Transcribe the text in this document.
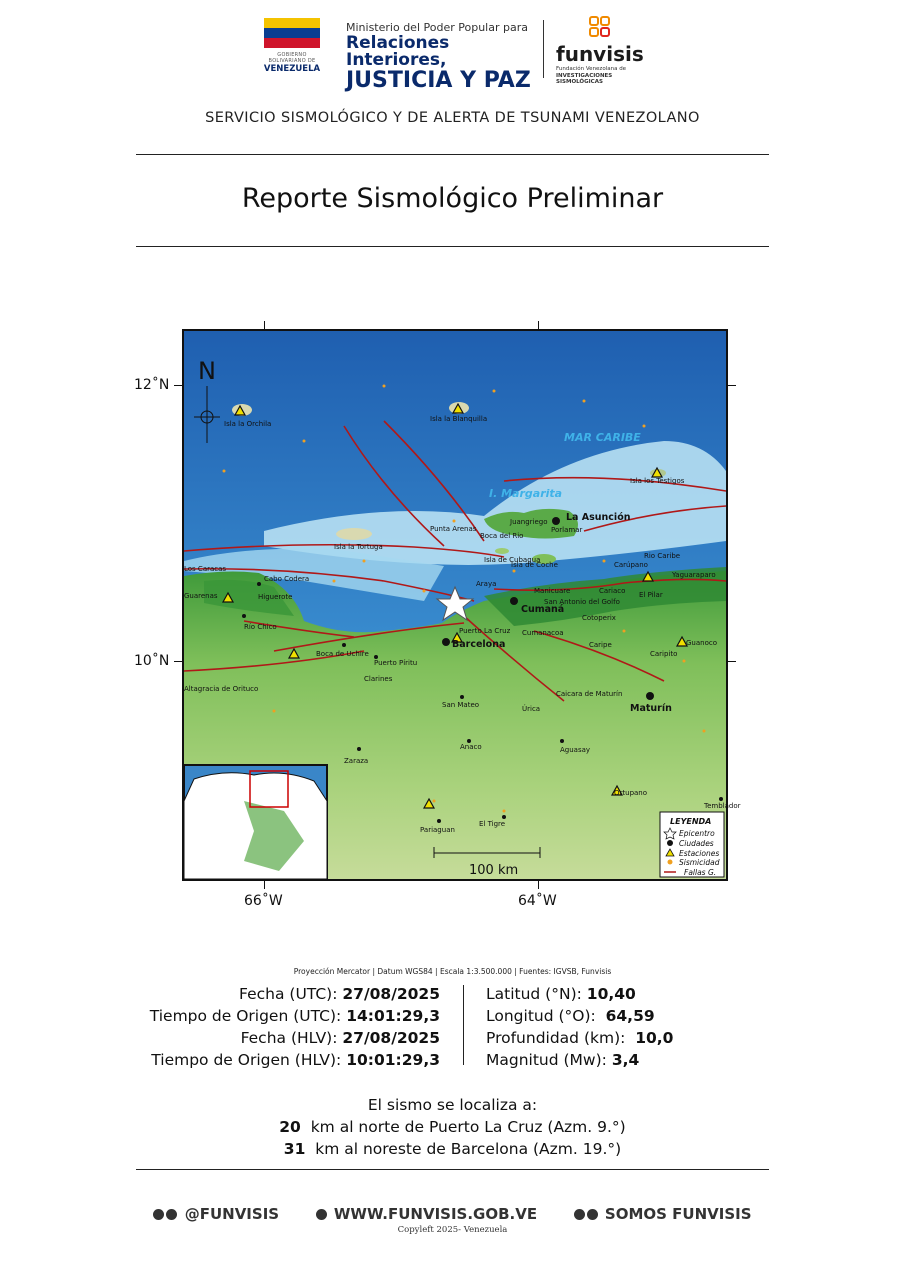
GOBIERNO BOLIVARIANO DE
VENEZUELA
Ministerio del Poder Popular para
Relaciones Interiores,
JUSTICIA Y PAZ
funvisis
Fundación Venezolana de
INVESTIGACIONES SISMOLÓGICAS
SERVICIO SISMOLÓGICO Y DE ALERTA DE TSUNAMI VENEZOLANO
Reporte Sismológico Preliminar
12˚N
10˚N
66˚W	64˚W
Isla la Orchila
Isla la Blanquilla
Isla los Testigos
La Asunción
Juangriego
Porlamar
Punta Arenas
Boca del Rio
Isla la Tortuga
Isla de Cubagua
Isla de Coche
Rio Caribe
Carúpano
Yaguaraparo
Los Caracas
Cabo Codera
Guarenas	Higuerote
Araya
Manicuare
Cumaná
San Antonio del Golfo
Cariaco El Pilar
Río Chico	Puerto La Cruz Cumanacoa
Cotoperix
Barcelona	Caripe	Guanoco
Caripito
Boca de Uchire
Puerto Píritu
Clarines
Altagracia de Orituco
Caicara de Maturín
San Mateo	Úrica	Maturín
Anaco
Zaraza
Aguasay
Ortupano
Temblador
Pariaguan
El Tigre
MAR CARIBE
I. Margarita
N
100 km
LEYENDA
Epicentro
Ciudades
Estaciones
Sismicidad
Fallas G.
Proyección Mercator | Datum WGS84 | Escala 1:3.500.000 | Fuentes: IGVSB, Funvisis
Fecha (UTC): 27/08/2025
Tiempo de Origen (UTC): 14:01:29,3
Fecha (HLV): 27/08/2025
Tiempo de Origen (HLV): 10:01:29,3
Latitud (°N): 10,40
Longitud (°O): 64,59
Profundidad (km): 10,0
Magnitud (Mw): 3,4
El sismo se localiza a:
20 km al norte de Puerto La Cruz (Azm. 9.°)
31 km al noreste de Barcelona (Azm. 19.°)
@FUNVISIS	WWW.FUNVISIS.GOB.VE	SOMOS FUNVISIS
Copyleft 2025- Venezuela
